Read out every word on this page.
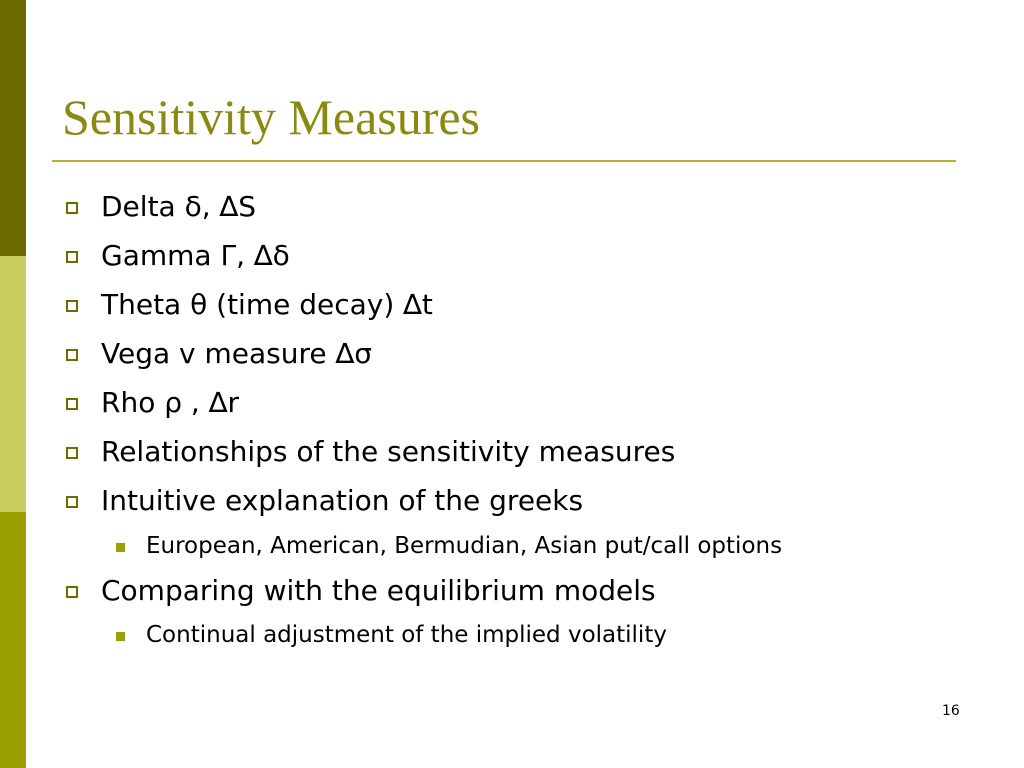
Sensitivity Measures
Delta δ, ∆S
Gamma Γ, ∆δ
Theta θ (time decay) ∆t
Vega v measure ∆σ
Rho ρ , ∆r
Relationships of the sensitivity measures
Intuitive explanation of the greeks
European, American, Bermudian, Asian put/call options
Comparing with the equilibrium models
Continual adjustment of the implied volatility
16
